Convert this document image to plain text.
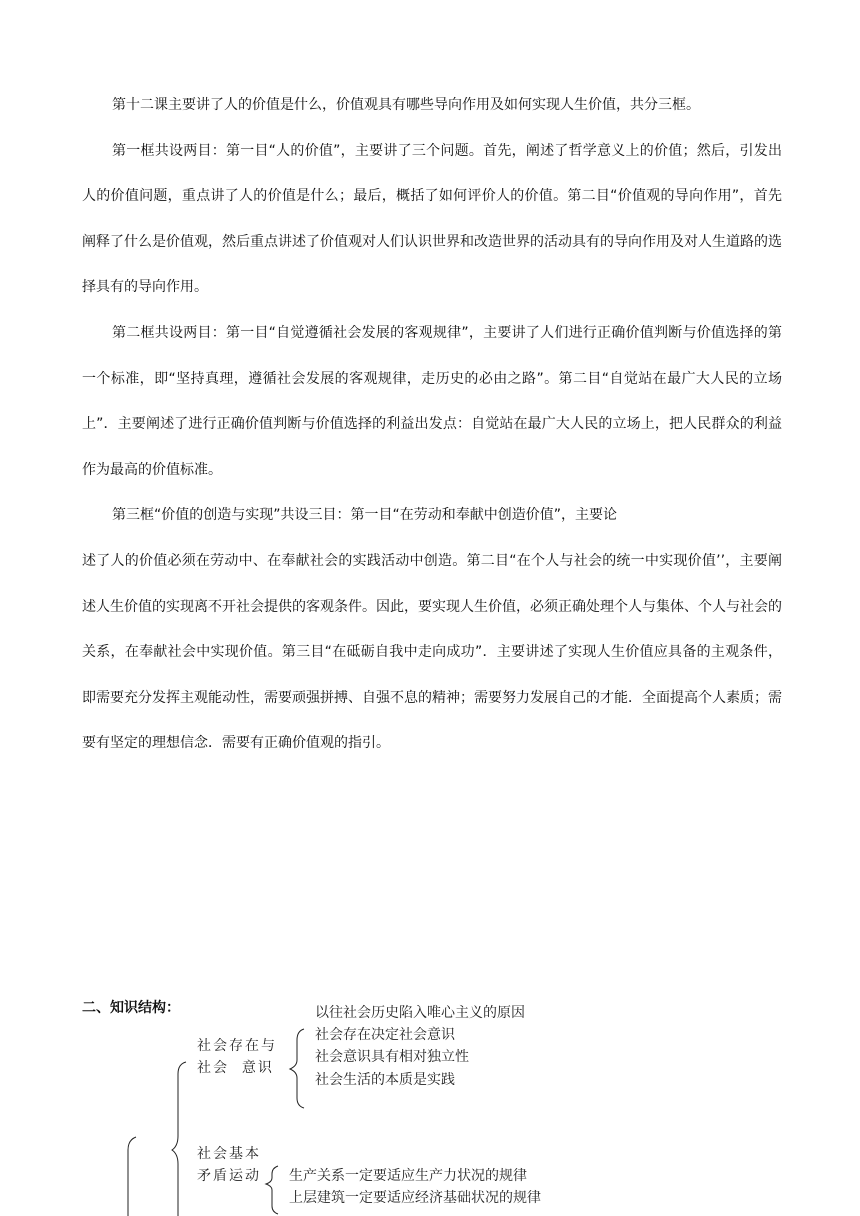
第十二课主要讲了人的价值是什么，价值观具有哪些导向作用及如何实现人生价值，共分三框。

第一框共设两目：第一目“人的价值”，主要讲了三个问题。首先，阐述了哲学意义上的价值；然后，引发出人的价值问题，重点讲了人的价值是什么；最后，概括了如何评价人的价值。第二目“价值观的导向作用”，首先阐释了什么是价值观，然后重点讲述了价值观对人们认识世界和改造世界的活动具有的导向作用及对人生道路的选择具有的导向作用。

第二框共设两目：第一目“自觉遵循社会发展的客观规律”，主要讲了人们进行正确价值判断与价值选择的第一个标准，即“坚持真理，遵循社会发展的客观规律，走历史的必由之路”。第二目“自觉站在最广大人民的立场上”．主要阐述了进行正确价值判断与价值选择的利益出发点：自觉站在最广大人民的立场上，把人民群众的利益作为最高的价值标准。

第三框“价值的创造与实现”共设三目：第一目“在劳动和奉献中创造价值”，主要论

述了人的价值必须在劳动中、在奉献社会的实践活动中创造。第二目“在个人与社会的统一中实现价值’’，主要阐述人生价值的实现离不开社会提供的客观条件。因此，要实现人生价值，必须正确处理个人与集体、个人与社会的关系，在奉献社会中实现价值。第三目“在砥砺自我中走向成功”．主要讲述了实现人生价值应具备的主观条件，即需要充分发挥主观能动性，需要顽强拼搏、自强不息的精神；需要努力发展自己的才能．全面提高个人素质；需要有坚定的理想信念．需要有正确价值观的指引。

二、知识结构：	以往社会历史陷入唯心主义的原因
社会存在决定社会意识
社会意识具有相对独立性
社会生活的本质是实践
社会存在与
社会  意识
社会基本
矛盾运动 生产关系一定要适应生产力状况的规律
上层建筑一定要适应经济基础状况的规律
